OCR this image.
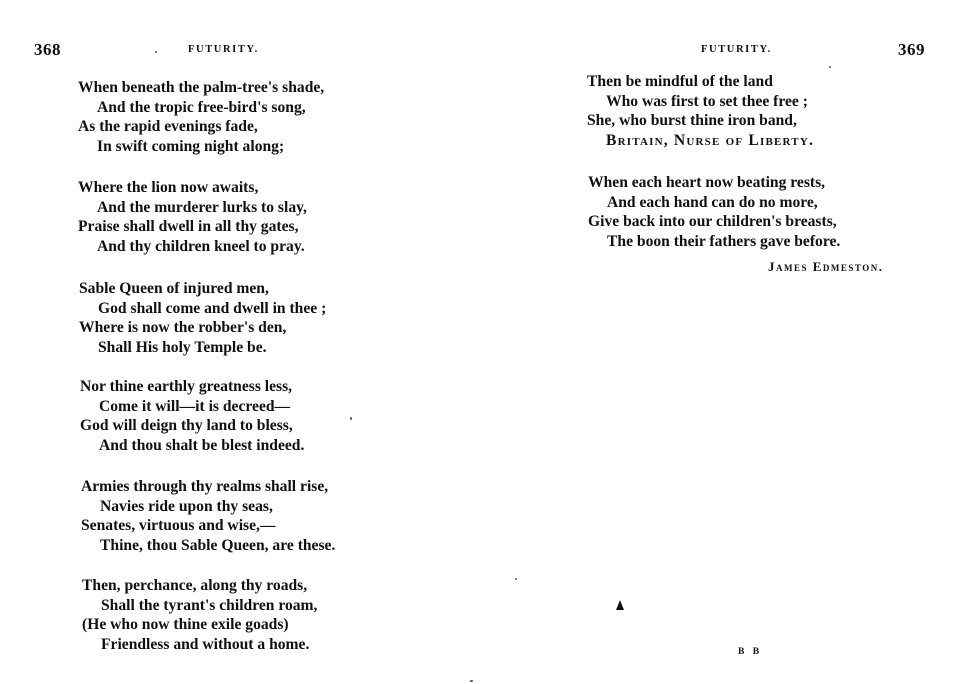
368	FUTURITY.
When beneath the palm-tree's shade,
And the tropic free-bird's song,
As the rapid evenings fade,
In swift coming night along;
Where the lion now awaits,
And the murderer lurks to slay,
Praise shall dwell in all thy gates,
And thy children kneel to pray.
Sable Queen of injured men,
God shall come and dwell in thee ;
Where is now the robber's den,
Shall His holy Temple be.
Nor thine earthly greatness less,
Come it will—it is decreed—
God will deign thy land to bless,
And thou shalt be blest indeed.
Armies through thy realms shall rise,
Navies ride upon thy seas,
Senates, virtuous and wise,—
Thine, thou Sable Queen, are these.
Then, perchance, along thy roads,
Shall the tyrant's children roam,
(He who now thine exile goads)
Friendless and without a home.
FUTURITY.	369
Then be mindful of the land
Who was first to set thee free ;
She, who burst thine iron band,
Britain, Nurse of Liberty.
When each heart now beating rests,
And each hand can do no more,
Give back into our children's breasts,
The boon their fathers gave before.
James Edmeston.
B B
